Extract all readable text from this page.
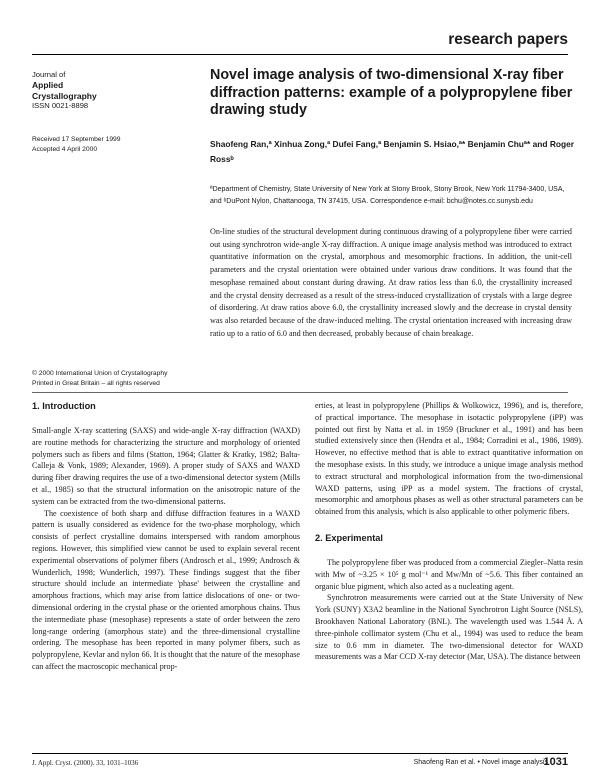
research papers
Journal of
Applied
Crystallography
ISSN 0021-8898
Received 17 September 1999
Accepted 4 April 2000
Novel image analysis of two-dimensional X-ray fiber diffraction patterns: example of a polypropylene fiber drawing study
Shaofeng Ran,ª Xinhua Zong,ª Dufei Fang,ª Benjamin S. Hsiao,ª* Benjamin Chuª* and Roger Rossᵇ
ªDepartment of Chemistry, State University of New York at Stony Brook, Stony Brook, New York 11794-3400, USA, and ᵇDuPont Nylon, Chattanooga, TN 37415, USA. Correspondence e-mail: bchu@notes.cc.sunysb.edu
On-line studies of the structural development during continuous drawing of a polypropylene fiber were carried out using synchrotron wide-angle X-ray diffraction. A unique image analysis method was introduced to extract quantitative information on the crystal, amorphous and mesomorphic fractions. In addition, the unit-cell parameters and the crystal orientation were obtained under various draw conditions. It was found that the mesophase remained about constant during drawing. At draw ratios less than 6.0, the crystallinity increased and the crystal density decreased as a result of the stress-induced crystallization of crystals with a large degree of disordering. At draw ratios above 6.0, the crystallinity increased slowly and the decrease in crystal density was also retarded because of the draw-induced melting. The crystal orientation increased with increasing draw ratio up to a ratio of 6.0 and then decreased, probably because of chain breakage.
© 2000 International Union of Crystallography
Printed in Great Britain – all rights reserved
1. Introduction

Small-angle X-ray scattering (SAXS) and wide-angle X-ray diffraction (WAXD) are routine methods for characterizing the structure and morphology of oriented polymers such as fibers and films (Statton, 1964; Glatter & Kratky, 1982; Balta-Calleja & Vonk, 1989; Alexander, 1969). A proper study of SAXS and WAXD during fiber drawing requires the use of a two-dimensional detector system (Mills et al., 1985) so that the structural information on the anisotropic nature of the system can be extracted from the two-dimensional patterns.

The coexistence of both sharp and diffuse diffraction features in a WAXD pattern is usually considered as evidence for the two-phase morphology, which consists of perfect crystalline domains interspersed with random amorphous regions. However, this simplified view cannot be used to explain several recent experimental observations of polymer fibers (Androsch et al., 1999; Androsch & Wunderlich, 1998; Wunderlich, 1997). These findings suggest that the fiber structure should include an intermediate 'phase' between the crystalline and amorphous fractions, which may arise from lattice dislocations of one- or two-dimensional ordering in the crystal phase or the oriented amorphous chains. Thus the intermediate phase (mesophase) represents a state of order between the zero long-range ordering (amorphous state) and the three-dimensional crystalline ordering. The mesophase has been reported in many polymer fibers, such as polypropylene, Kevlar and nylon 66. It is thought that the nature of the mesophase can affect the macroscopic mechanical prop-

erties, at least in polypropylene (Phillips & Wolkowicz, 1996), and is, therefore, of practical importance. The mesophase in isotactic polypropylene (iPP) was pointed out first by Natta et al. in 1959 (Bruckner et al., 1991) and has been studied extensively since then (Hendra et al., 1984; Corradini et al., 1986, 1989). However, no effective method that is able to extract quantitative information on the mesophase exists. In this study, we introduce a unique image analysis method to extract structural and morphological information from the two-dimensional WAXD patterns, using iPP as a model system. The fractions of crystal, mesomorphic and amorphous phases as well as other structural parameters can be obtained from this analysis, which is also applicable to other polymeric fibers.

2. Experimental

The polypropylene fiber was produced from a commercial Ziegler–Natta resin with Mw of ~3.25 × 10⁵ g mol⁻¹ and Mw/Mn of ~5.6. This fiber contained an organic blue pigment, which also acted as a nucleating agent.

Synchrotron measurements were carried out at the State University of New York (SUNY) X3A2 beamline in the National Synchrotron Light Source (NSLS), Brookhaven National Laboratory (BNL). The wavelength used was 1.544 Å. A three-pinhole collimator system (Chu et al., 1994) was used to reduce the beam size to 0.6 mm in diameter. The two-dimensional detector for WAXD measurements was a Mar CCD X-ray detector (Mar, USA). The distance between

J. Appl. Cryst. (2000). 33, 1031–1036	Shaofeng Ran et al. • Novel image analysis
1031
